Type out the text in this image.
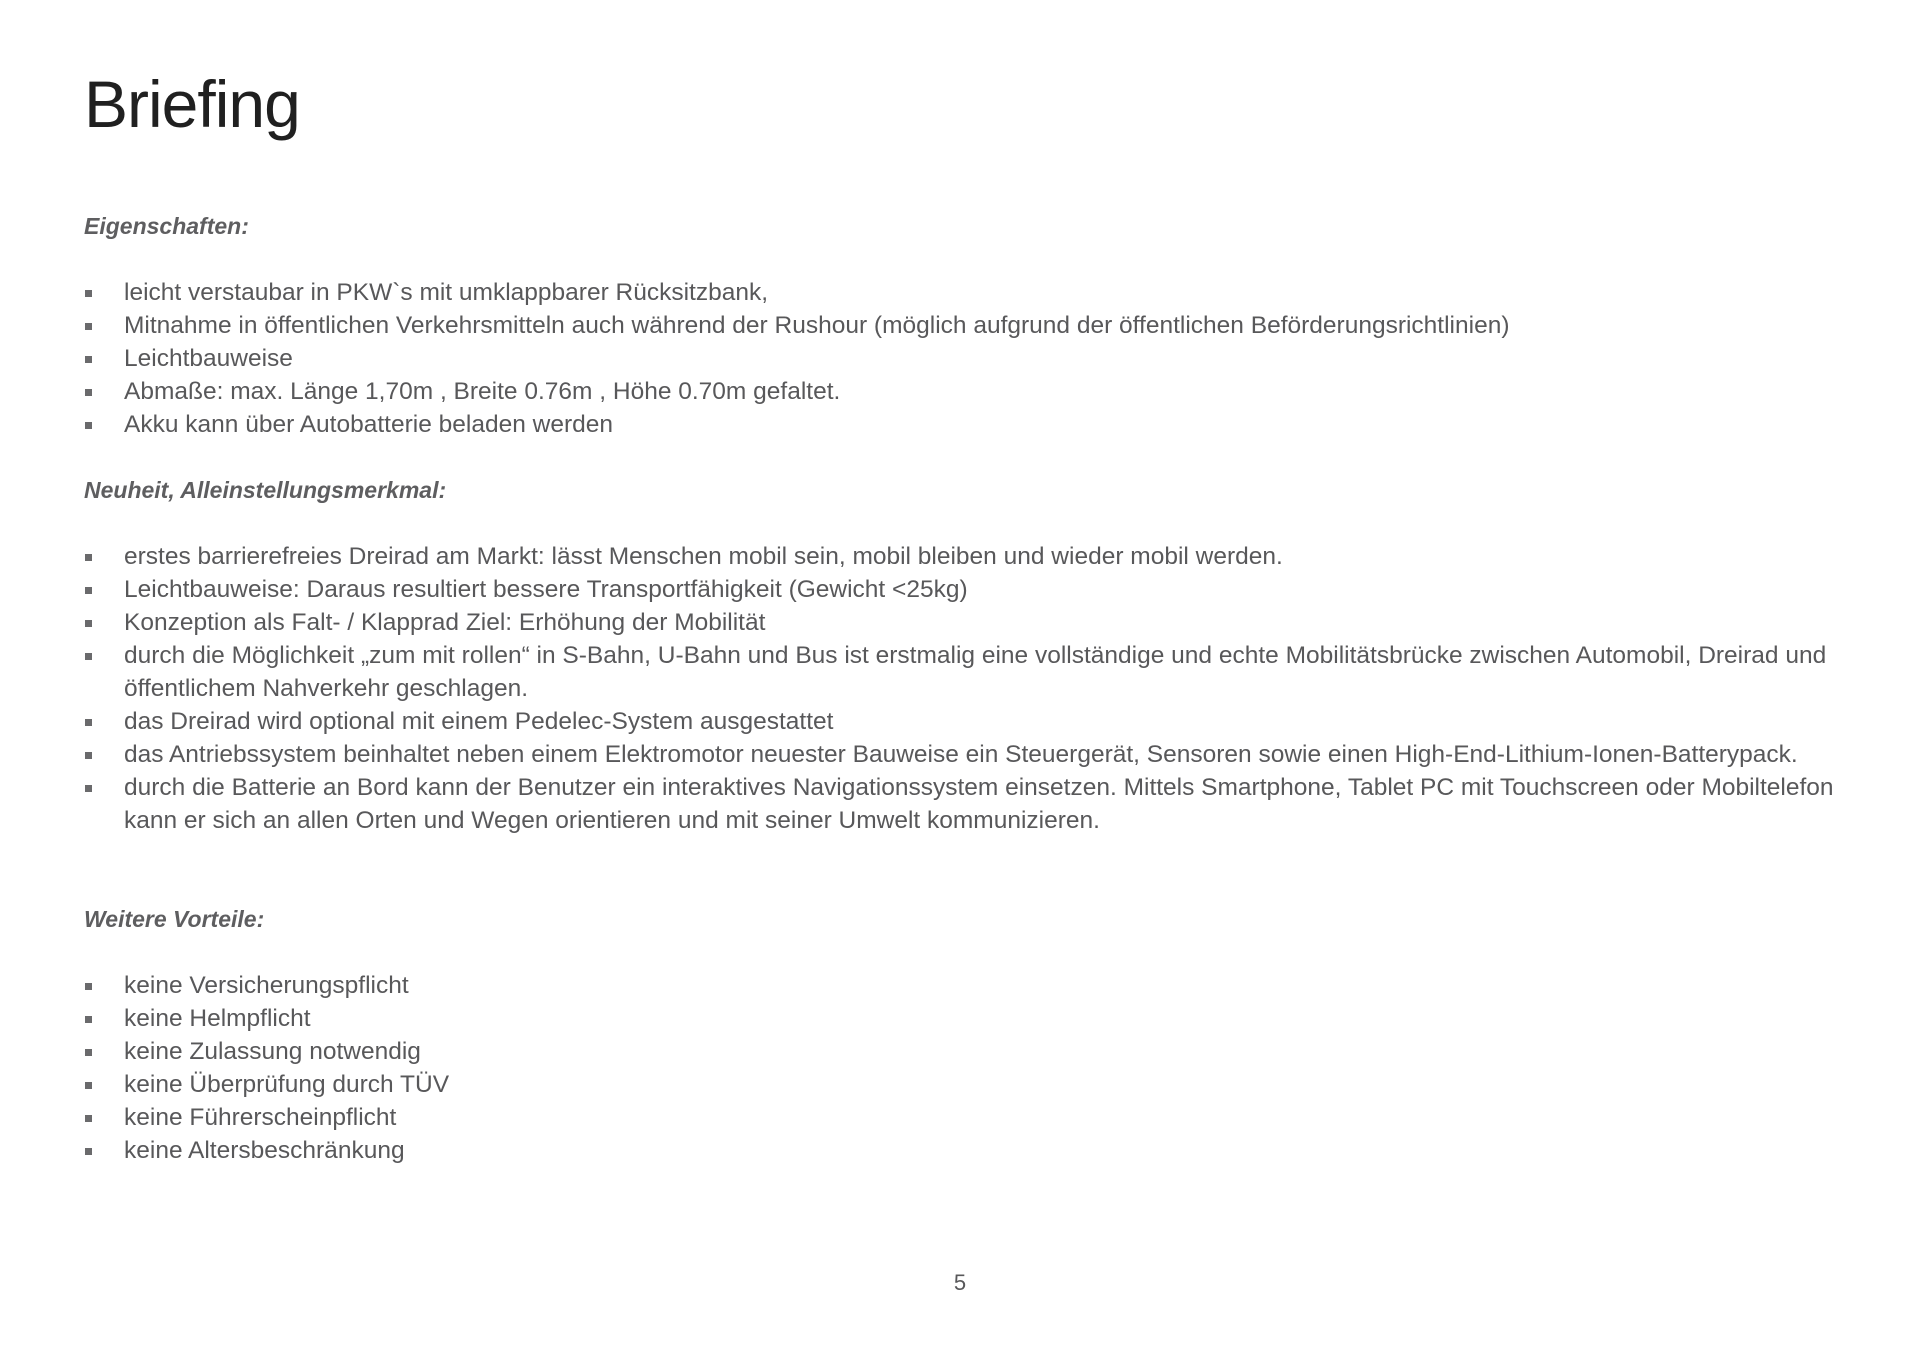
Briefing
Eigenschaften:
leicht verstaubar in PKW`s mit umklappbarer Rücksitzbank,
Mitnahme in öffentlichen Verkehrsmitteln auch während der Rushour (möglich aufgrund der öffentlichen Beförderungsrichtlinien)
Leichtbauweise
Abmaße: max. Länge 1,70m , Breite 0.76m , Höhe 0.70m gefaltet.
Akku kann über Autobatterie beladen werden
Neuheit, Alleinstellungsmerkmal:
erstes barrierefreies Dreirad am Markt: lässt Menschen mobil sein, mobil bleiben und wieder mobil werden.
Leichtbauweise: Daraus resultiert bessere Transportfähigkeit (Gewicht <25kg)
Konzeption als Falt- / Klapprad Ziel: Erhöhung der Mobilität
durch die Möglichkeit „zum mit rollen“ in S-Bahn, U-Bahn und Bus ist erstmalig eine vollständige und echte Mobilitätsbrücke zwischen Automobil, Dreirad und öffentlichem Nahverkehr geschlagen.
das Dreirad wird optional mit einem Pedelec-System ausgestattet
das Antriebssystem beinhaltet neben einem Elektromotor neuester Bauweise ein Steuergerät, Sensoren sowie einen High-End-Lithium-Ionen-Batterypack.
durch die Batterie an Bord kann der Benutzer ein interaktives Navigationssystem einsetzen. Mittels Smartphone, Tablet PC mit Touchscreen oder Mobiltelefon kann er sich an allen Orten und Wegen orientieren und mit seiner Umwelt kommunizieren.
Weitere Vorteile:
keine Versicherungspflicht
keine Helmpflicht
keine Zulassung notwendig
keine Überprüfung durch TÜV
keine Führerscheinpflicht
keine Altersbeschränkung
5
